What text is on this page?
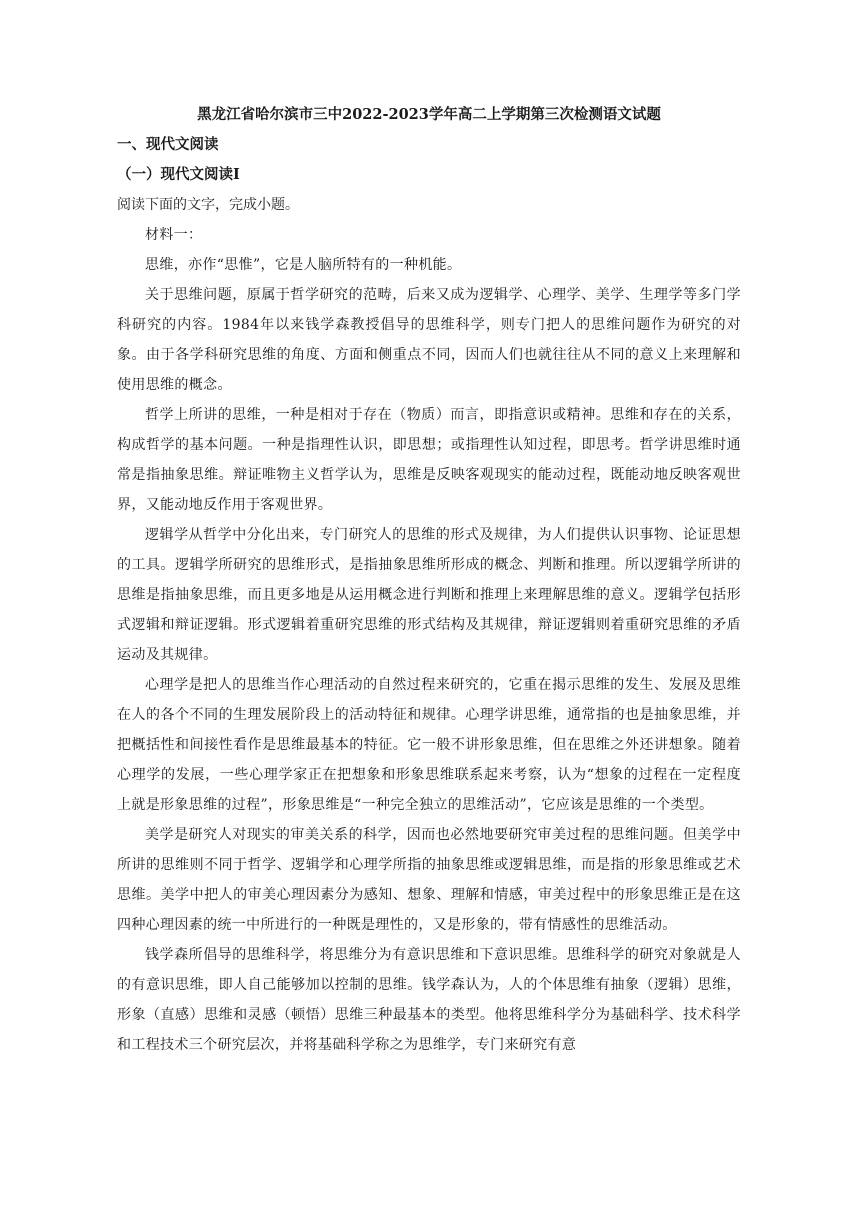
黑龙江省哈尔滨市三中2022-2023学年高二上学期第三次检测语文试题

一、现代文阅读

（一）现代文阅读Ⅰ

阅读下面的文字，完成小题。

材料一：

思维，亦作“思惟”，它是人脑所特有的一种机能。

关于思维问题，原属于哲学研究的范畴，后来又成为逻辑学、心理学、美学、生理学等多门学科研究的内容。1984年以来钱学森教授倡导的思维科学，则专门把人的思维问题作为研究的对象。由于各学科研究思维的角度、方面和侧重点不同，因而人们也就往往从不同的意义上来理解和使用思维的概念。

哲学上所讲的思维，一种是相对于存在（物质）而言，即指意识或精神。思维和存在的关系，构成哲学的基本问题。一种是指理性认识，即思想；或指理性认知过程，即思考。哲学讲思维时通常是指抽象思维。辩证唯物主义哲学认为，思维是反映客观现实的能动过程，既能动地反映客观世界，又能动地反作用于客观世界。

逻辑学从哲学中分化出来，专门研究人的思维的形式及规律，为人们提供认识事物、论证思想的工具。逻辑学所研究的思维形式，是指抽象思维所形成的概念、判断和推理。所以逻辑学所讲的思维是指抽象思维，而且更多地是从运用概念进行判断和推理上来理解思维的意义。逻辑学包括形式逻辑和辩证逻辑。形式逻辑着重研究思维的形式结构及其规律，辩证逻辑则着重研究思维的矛盾运动及其规律。

心理学是把人的思维当作心理活动的自然过程来研究的，它重在揭示思维的发生、发展及思维在人的各个不同的生理发展阶段上的活动特征和规律。心理学讲思维，通常指的也是抽象思维，并把概括性和间接性看作是思维最基本的特征。它一般不讲形象思维，但在思维之外还讲想象。随着心理学的发展，一些心理学家正在把想象和形象思维联系起来考察，认为“想象的过程在一定程度上就是形象思维的过程”，形象思维是“一种完全独立的思维活动”，它应该是思维的一个类型。

美学是研究人对现实的审美关系的科学，因而也必然地要研究审美过程的思维问题。但美学中所讲的思维则不同于哲学、逻辑学和心理学所指的抽象思维或逻辑思维，而是指的形象思维或艺术思维。美学中把人的审美心理因素分为感知、想象、理解和情感，审美过程中的形象思维正是在这四种心理因素的统一中所进行的一种既是理性的，又是形象的，带有情感性的思维活动。

钱学森所倡导的思维科学，将思维分为有意识思维和下意识思维。思维科学的研究对象就是人的有意识思维，即人自己能够加以控制的思维。钱学森认为，人的个体思维有抽象（逻辑）思维，形象（直感）思维和灵感（顿悟）思维三种最基本的类型。他将思维科学分为基础科学、技术科学和工程技术三个研究层次，并将基础科学称之为思维学，专门来研究有意
